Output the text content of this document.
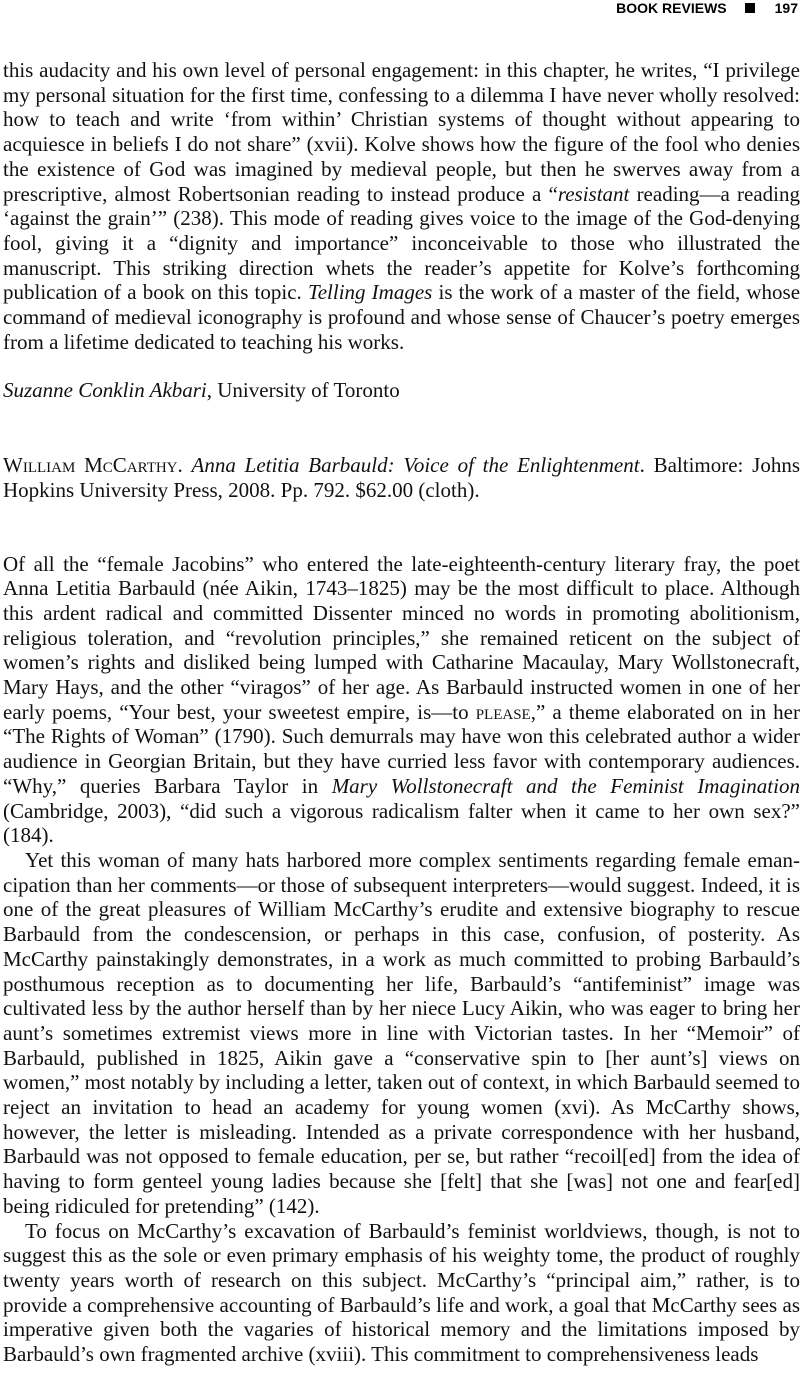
BOOK REVIEWS	197

this audacity and his own level of personal engagement: in this chapter, he writes, “I privilege my personal situation for the first time, confessing to a dilemma I have never wholly resolved: how to teach and write ‘from within’ Christian systems of thought without appearing to acquiesce in beliefs I do not share” (xvii). Kolve shows how the figure of the fool who denies the existence of God was imagined by medieval people, but then he swerves away from a prescriptive, almost Robertsonian reading to instead produce a “resistant reading—a reading ‘against the grain’” (238). This mode of reading gives voice to the image of the God-denying fool, giving it a “dignity and importance” inconceivable to those who illustrated the manuscript. This striking direction whets the reader’s appetite for Kolve’s forthcoming publication of a book on this topic. Telling Images is the work of a master of the field, whose command of medieval iconography is profound and whose sense of Chaucer’s poetry emerges from a lifetime dedicated to teaching his works.

Suzanne Conklin Akbari, University of Toronto

William McCarthy. Anna Letitia Barbauld: Voice of the Enlightenment. Baltimore: Johns Hopkins University Press, 2008. Pp. 792. $62.00 (cloth).

Of all the “female Jacobins” who entered the late-eighteenth-century literary fray, the poet Anna Letitia Barbauld (née Aikin, 1743–1825) may be the most difficult to place. Although this ardent radical and committed Dissenter minced no words in promoting abolitionism, religious toleration, and “revolution principles,” she remained reticent on the subject of women’s rights and disliked being lumped with Catharine Macaulay, Mary Wollstonecraft, Mary Hays, and the other “viragos” of her age. As Barbauld instructed women in one of her early poems, “Your best, your sweetest empire, is—to please,” a theme elaborated on in her “The Rights of Woman” (1790). Such demurrals may have won this celebrated author a wider audience in Georgian Britain, but they have curried less favor with contemporary audiences. “Why,” queries Barbara Taylor in Mary Wollstonecraft and the Feminist Imagination (Cambridge, 2003), “did such a vigorous radicalism falter when it came to her own sex?” (184).

Yet this woman of many hats harbored more complex sentiments regarding female emancipation than her comments—or those of subsequent interpreters—would suggest. Indeed, it is one of the great pleasures of William McCarthy’s erudite and extensive biography to rescue Barbauld from the condescension, or perhaps in this case, confusion, of posterity. As McCarthy painstakingly demonstrates, in a work as much committed to probing Barbauld’s posthumous reception as to documenting her life, Barbauld’s “antifeminist” image was cultivated less by the author herself than by her niece Lucy Aikin, who was eager to bring her aunt’s sometimes extremist views more in line with Victorian tastes. In her “Memoir” of Barbauld, published in 1825, Aikin gave a “conservative spin to [her aunt’s] views on women,” most notably by including a letter, taken out of context, in which Barbauld seemed to reject an invitation to head an academy for young women (xvi). As McCarthy shows, however, the letter is misleading. Intended as a private correspondence with her husband, Barbauld was not opposed to female education, per se, but rather “recoil[ed] from the idea of having to form genteel young ladies because she [felt] that she [was] not one and fear[ed] being ridiculed for pretending” (142).

To focus on McCarthy’s excavation of Barbauld’s feminist worldviews, though, is not to suggest this as the sole or even primary emphasis of his weighty tome, the product of roughly twenty years worth of research on this subject. McCarthy’s “principal aim,” rather, is to provide a comprehensive accounting of Barbauld’s life and work, a goal that McCarthy sees as imperative given both the vagaries of historical memory and the limitations imposed by Barbauld’s own fragmented archive (xviii). This commitment to comprehensiveness leads
